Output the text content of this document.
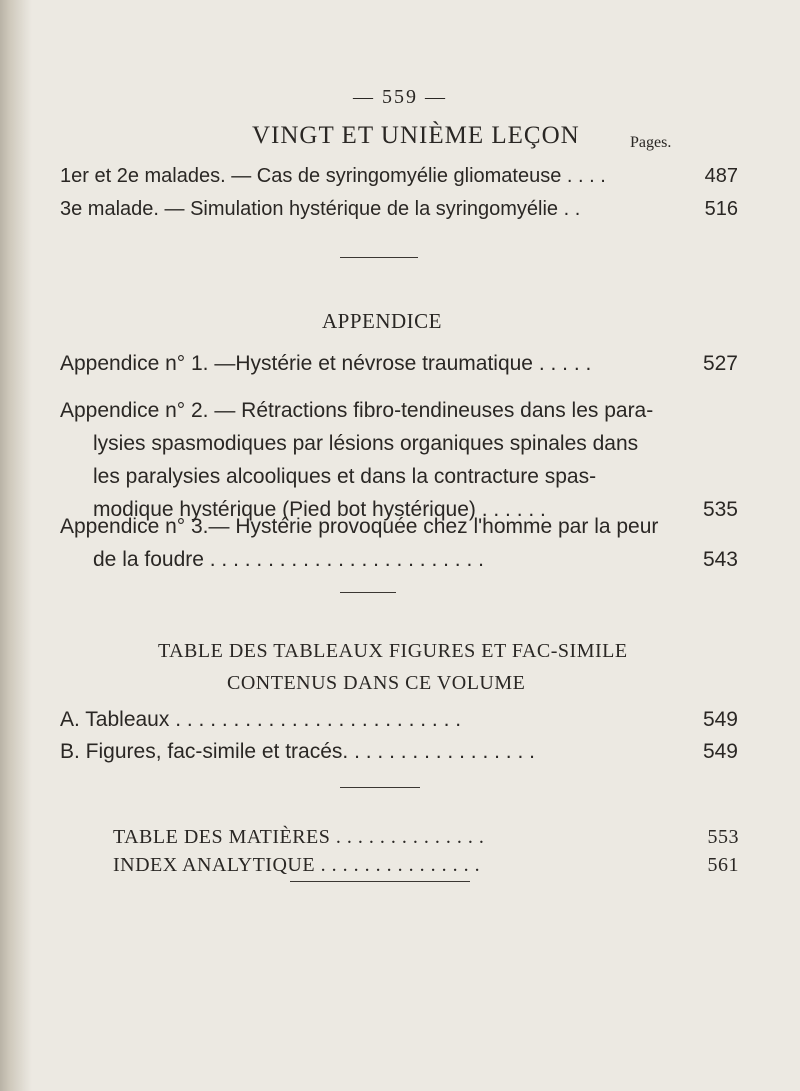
— 559 —
VINGT ET UNIÈME LEÇON	Pages.
1er et 2e malades. — Cas de syringomyélie gliomateuse . . . .	487
3e malade. — Simulation hystérique de la syringomyélie . .	516
APPENDICE
Appendice n° 1. —Hystérie et névrose traumatique . . . . .	527
Appendice n° 2. — Rétractions fibro-tendineuses dans les para-
lysies spasmodiques par lésions organiques spinales dans
les paralysies alcooliques et dans la contracture spas-
modique hystérique (Pied bot hystérique) . . . . . .	535
Appendice n° 3.— Hystérie provoquée chez l'homme par la peur
de la foudre . . . . . . . . . . . . . . . . . . . . . . . .	543
TABLE DES TABLEAUX FIGURES ET FAC-SIMILE
CONTENUS DANS CE VOLUME
A. Tableaux . . . . . . . . . . . . . . . . . . . . . . . . .	549
B. Figures, fac-simile et tracés. . . . . . . . . . . . . . . . .	549
TABLE DES MATIÈRES . . . . . . . . . . . . . .	553
INDEX ANALYTIQUE . . . . . . . . . . . . . . .	561
